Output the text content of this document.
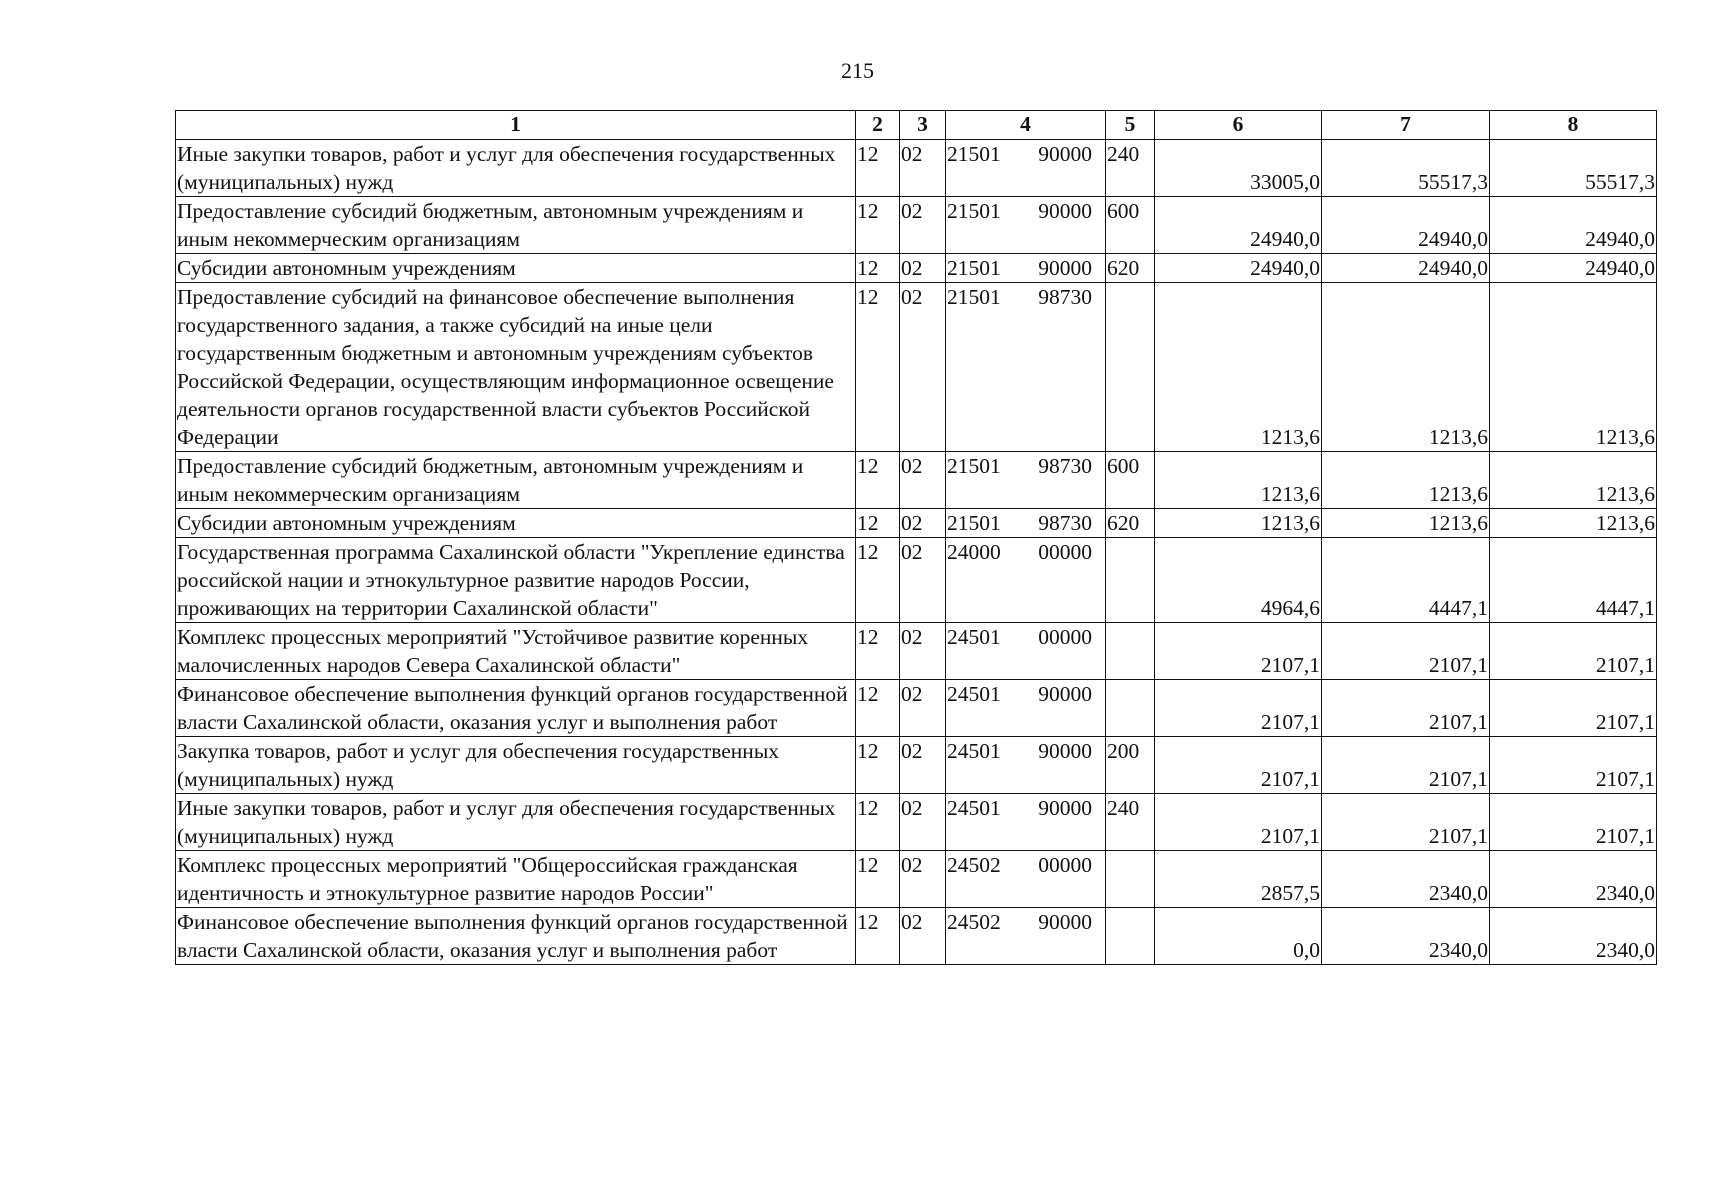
215
1	2	3	4	5	6	7	8
Иные закупки товаров, работ и услуг для обеспечения государственных (муниципальных) нужд	12	02	21501 90000	240	33005,0	55517,3	55517,3
Предоставление субсидий бюджетным, автономным учреждениям и иным некоммерческим организациям	12	02	21501 90000	600	24940,0	24940,0	24940,0
Субсидии автономным учреждениям	12	02	21501 90000	620	24940,0	24940,0	24940,0
Предоставление субсидий на финансовое обеспечение выполнения государственного задания, а также субсидий на иные цели государственным бюджетным и автономным учреждениям субъектов Российской Федерации, осуществляющим информационное освещение деятельности органов государственной власти субъектов Российской Федерации	12	02	21501 98730		1213,6	1213,6	1213,6
Предоставление субсидий бюджетным, автономным учреждениям и иным некоммерческим организациям	12	02	21501 98730	600	1213,6	1213,6	1213,6
Субсидии автономным учреждениям	12	02	21501 98730	620	1213,6	1213,6	1213,6
Государственная программа Сахалинской области "Укрепление единства российской нации и этнокультурное развитие народов России, проживающих на территории Сахалинской области"	12	02	24000 00000		4964,6	4447,1	4447,1
Комплекс процессных мероприятий "Устойчивое развитие коренных малочисленных народов Севера Сахалинской области"	12	02	24501 00000		2107,1	2107,1	2107,1
Финансовое обеспечение выполнения функций органов государственной власти Сахалинской области, оказания услуг и выполнения работ	12	02	24501 90000		2107,1	2107,1	2107,1
Закупка товаров, работ и услуг для обеспечения государственных (муниципальных) нужд	12	02	24501 90000	200	2107,1	2107,1	2107,1
Иные закупки товаров, работ и услуг для обеспечения государственных (муниципальных) нужд	12	02	24501 90000	240	2107,1	2107,1	2107,1
Комплекс процессных мероприятий "Общероссийская гражданская идентичность и этнокультурное развитие народов России"	12	02	24502 00000		2857,5	2340,0	2340,0
Финансовое обеспечение выполнения функций органов государственной власти Сахалинской области, оказания услуг и выполнения работ	12	02	24502 90000		0,0	2340,0	2340,0
